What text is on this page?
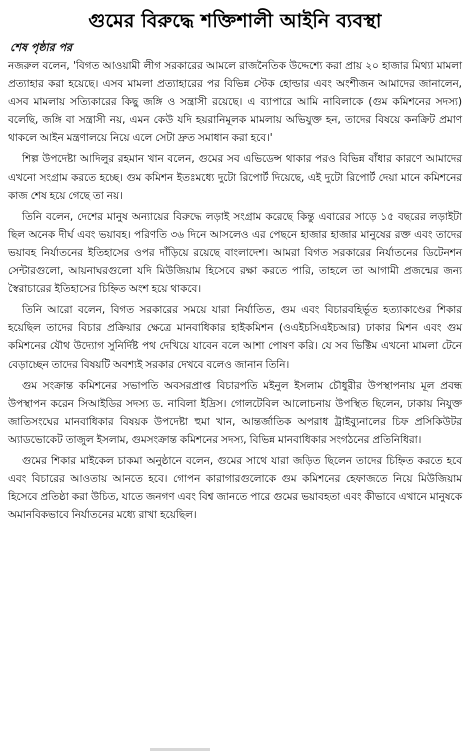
গুমের বিরুদ্ধে শক্তিশালী আইনি ব্যবস্থা
শেষ পৃষ্ঠার পর

নজরুল বলেন, 'বিগত আওয়ামী লীগ সরকারের আমলে রাজনৈতিক উদ্দেশ্যে করা প্রায় ২০ হাজার মিথ্যা মামলা প্রত্যাহার করা হয়েছে। এসব মামলা প্রত্যাহারের পর বিভিন্ন স্টেক হোল্ডার এবং অংশীজন আমাদের জানালেন, এসব মামলায় সত্যিকারের কিছু জঙ্গি ও সন্ত্রাসী রয়েছে। এ ব্যাপারে আমি নাবিলাকে (গুম কমিশনের সদস্য) বলেছি, জঙ্গি বা সন্ত্রাসী নয়, এমন কেউ যদি হয়রানিমূলক মামলায় অভিযুক্ত হন, তাদের বিষয়ে কনক্রিট প্রমাণ থাকলে আইন মন্ত্রণালয়ে নিয়ে এলে সেটা দ্রুত সমাধান করা হবে।'

শিল্প উপদেষ্টা আদিলুর রহমান খান বলেন, গুমের সব এভিডেন্স থাকার পরও বিভিন্ন বাঁধার কারণে আমাদের এখনো সংগ্রাম করতে হচ্ছে। গুম কমিশন ইতঃমধ্যে দুটো রিপোর্ট দিয়েছে, এই দুটো রিপোর্ট দেয়া মানে কমিশনের কাজ শেষ হয়ে গেছে তা নয়।

তিনি বলেন, দেশের মানুষ অন্যায়ের বিরুদ্ধে লড়াই সংগ্রাম করেছে কিন্তু এবারের সাড়ে ১৫ বছরের লড়াইটা ছিল অনেক দীর্ঘ এবং ভয়াবহ। পরিণতি ৩৬ দিনে আসলেও এর পেছনে হাজার হাজার মানুষের রক্ত এবং তাদের ভয়াবহ নির্যাতনের ইতিহাসের ওপর দাঁড়িয়ে রয়েছে বাংলাদেশ। আমরা বিগত সরকারের নির্যাতনের ডিটেনশন সেন্টারগুলো, আয়নাঘরগুলো যদি মিউজিয়াম হিসেবে রক্ষা করতে পারি, তাহলে তা আগামী প্রজন্মের জন্য স্বৈরাচারের ইতিহাসের চিহ্নিত অংশ হয়ে থাকবে।

তিনি আরো বলেন, বিগত সরকারের সময়ে যারা নির্যাতিত, গুম এবং বিচারবহির্ভূত হত্যাকাণ্ডের শিকার হয়েছিল তাদের বিচার প্রক্রিয়ার ক্ষেত্রে মানবাধিকার হাইকমিশন (ওএইচসিএইচআর) ঢাকার মিশন এবং গুম কমিশনের যৌথ উদ্যোগ সুনির্দিষ্ট পথ দেখিয়ে যাবেন বলে আশা পোষণ করি। যে সব ভিক্টিম এখনো মামলা টেনে বেড়াচ্ছেন তাদের বিষয়টি অবশ্যই সরকার দেখবে বলেও জানান তিনি।

গুম সংক্রান্ত কমিশনের সভাপতি অবসরপ্রাপ্ত বিচারপতি মইনুল ইসলাম চৌধুরীর উপস্থাপনায় মূল প্রবন্ধ উপস্থাপন করেন সিআইডির সদস্য ড. নাবিলা ইদ্রিস। গোলটেবিল আলোচনায় উপস্থিত ছিলেন, ঢাকায় নিযুক্ত জাতিসংঘের মানবাধিকার বিষয়ক উপদেষ্টা হুমা খান, আন্তর্জাতিক অপরাধ ট্রাইব্যুনালের চিফ প্রসিকিউটর অ্যাডভোকেট তাজুল ইসলাম, গুমসংক্রান্ত কমিশনের সদস্য, বিভিন্ন মানবাধিকার সংগঠনের প্রতিনিধিরা।

গুমের শিকার মাইকেল চাকমা অনুষ্ঠানে বলেন, গুমের সাথে যারা জড়িত ছিলেন তাদের চিহ্নিত করতে হবে এবং বিচারের আওতায় আনতে হবে। গোপন কারাগারগুলোকে গুম কমিশনের হেফাজতে নিয়ে মিউজিয়াম হিসেবে প্রতিষ্ঠা করা উচিত, যাতে জনগণ এবং বিশ্ব জানতে পারে গুমের ভয়াবহতা এবং কীভাবে এখানে মানুষকে অমানবিকভাবে নির্যাতনের মধ্যে রাখা হয়েছিল।
